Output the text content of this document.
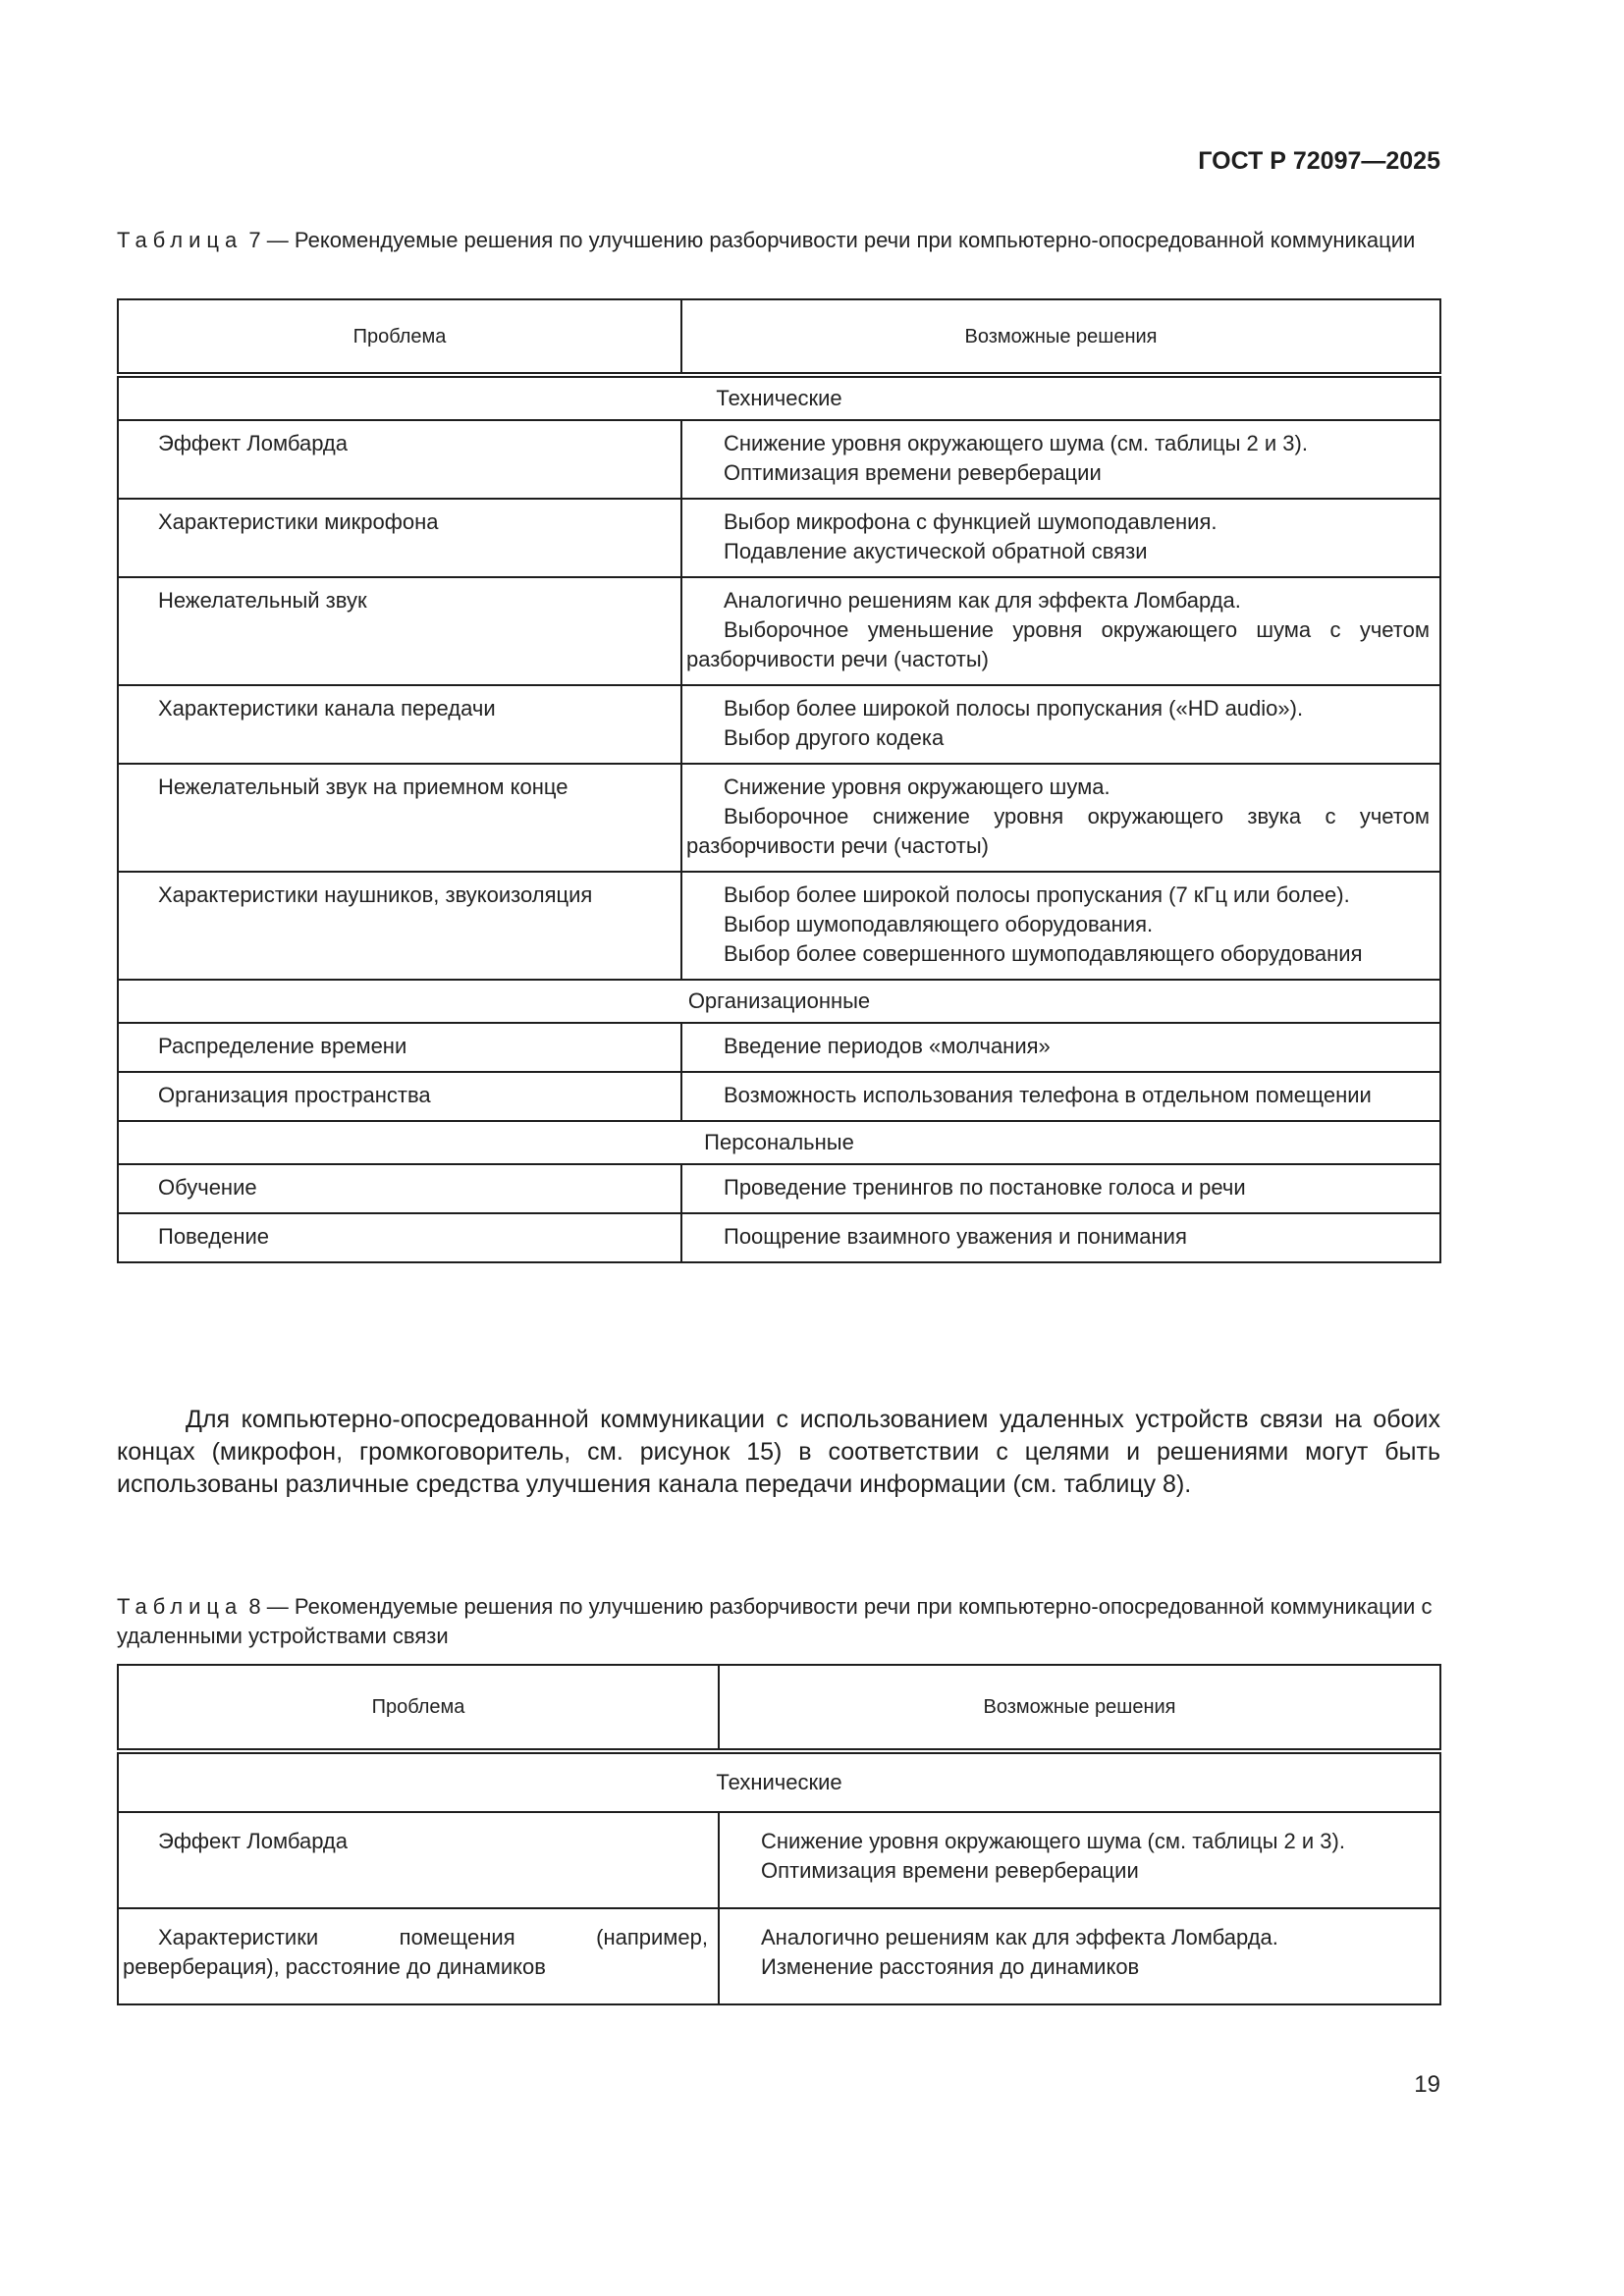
ГОСТ Р 72097—2025
Таблица 7 — Рекомендуемые решения по улучшению разборчивости речи при компьютерно-опосредованной коммуникации
Проблема	Возможные решения
Технические	

Эффект Ломбарда	Снижение уровня окружающего шума (см. таблицы 2 и 3).
Оптимизация времени реверберации

Характеристики микрофона	Выбор микрофона с функцией шумоподавления.
Подавление акустической обратной связи

Нежелательный звук	Аналогично решениям как для эффекта Ломбарда.
Выборочное уменьшение уровня окружающего шума с учетом разборчивости речи (частоты)

Характеристики канала передачи	Выбор более широкой полосы пропускания («HD audio»).
Выбор другого кодека

Нежелательный звук на приемном конце	Снижение уровня окружающего шума.
Выборочное снижение уровня окружающего звука с учетом разборчивости речи (частоты)

Характеристики наушников, звукоизоляция	Выбор более широкой полосы пропускания (7 кГц или более).
Выбор шумоподавляющего оборудования.
Выбор более совершенного шумоподавляющего оборудования

Организационные	

Распределение времени	Введение периодов «молчания»

Организация пространства	Возможность использования телефона в отдельном помещении

Персональные	

Обучение	Проведение тренингов по постановке голоса и речи

Поведение	Поощрение взаимного уважения и понимания
Для компьютерно-опосредованной коммуникации с использованием удаленных устройств связи на обоих концах (микрофон, громкоговоритель, см. рисунок 15) в соответствии с целями и решениями могут быть использованы различные средства улучшения канала передачи информации (см. таблицу 8).
Таблица 8 — Рекомендуемые решения по улучшению разборчивости речи при компьютерно-опосредованной коммуникации с удаленными устройствами связи
Проблема	Возможные решения
Технические	

Эффект Ломбарда	Снижение уровня окружающего шума (см. таблицы 2 и 3).
Оптимизация времени реверберации

Характеристики помещения (например, реверберация), расстояние до динамиков	Аналогично решениям как для эффекта Ломбарда.
Изменение расстояния до динамиков
19
